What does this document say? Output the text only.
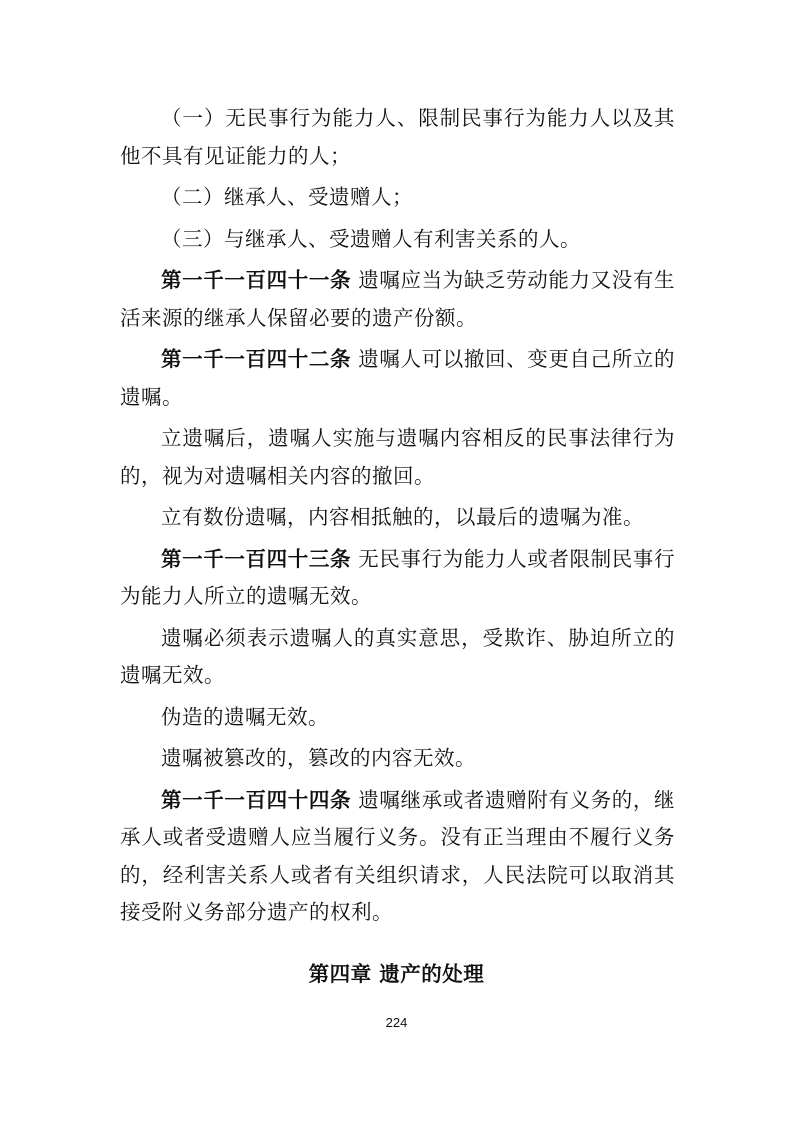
（一）无民事行为能力人、限制民事行为能力人以及其他不具有见证能力的人；

（二）继承人、受遗赠人；

（三）与继承人、受遗赠人有利害关系的人。

第一千一百四十一条 遗嘱应当为缺乏劳动能力又没有生活来源的继承人保留必要的遗产份额。

第一千一百四十二条 遗嘱人可以撤回、变更自己所立的遗嘱。

立遗嘱后，遗嘱人实施与遗嘱内容相反的民事法律行为的，视为对遗嘱相关内容的撤回。

立有数份遗嘱，内容相抵触的，以最后的遗嘱为准。

第一千一百四十三条 无民事行为能力人或者限制民事行为能力人所立的遗嘱无效。

遗嘱必须表示遗嘱人的真实意思，受欺诈、胁迫所立的遗嘱无效。

伪造的遗嘱无效。

遗嘱被篡改的，篡改的内容无效。

第一千一百四十四条 遗嘱继承或者遗赠附有义务的，继承人或者受遗赠人应当履行义务。没有正当理由不履行义务的，经利害关系人或者有关组织请求，人民法院可以取消其接受附义务部分遗产的权利。

第四章 遗产的处理

224
